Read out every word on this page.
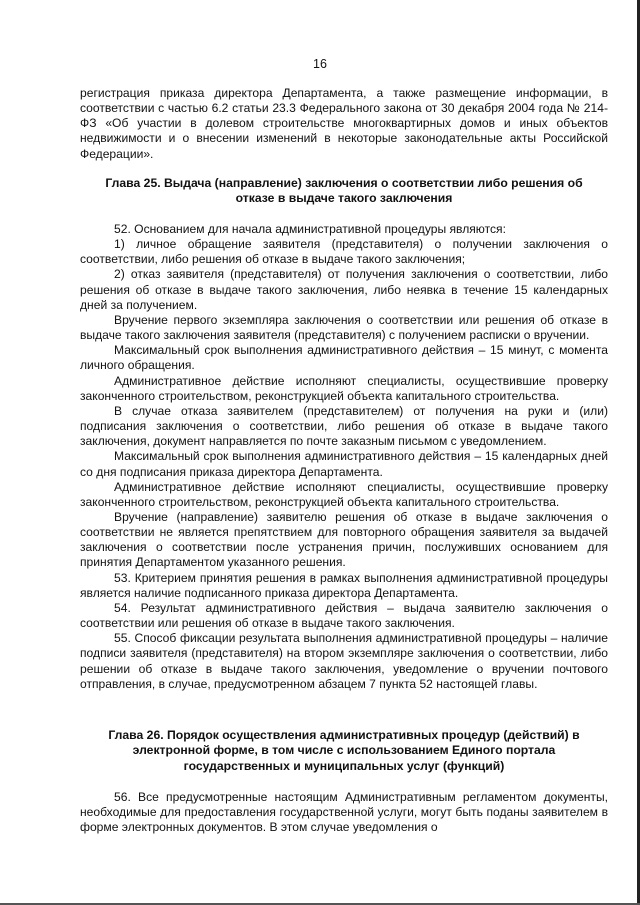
16

регистрация приказа директора Департамента, а также размещение информации, в соответствии с частью 6.2 статьи 23.3 Федерального закона от 30 декабря 2004 года № 214-ФЗ «Об участии в долевом строительстве многоквартирных домов и иных объектов недвижимости и о внесении изменений в некоторые законодательные акты Российской Федерации».

Глава 25. Выдача (направление) заключения о соответствии либо решения об отказе в выдаче такого заключения

52. Основанием для начала административной процедуры являются:

1) личное обращение заявителя (представителя) о получении заключения о соответствии, либо решения об отказе в выдаче такого заключения;

2) отказ заявителя (представителя) от получения заключения о соответствии, либо решения об отказе в выдаче такого заключения, либо неявка в течение 15 календарных дней за получением.

Вручение первого экземпляра заключения о соответствии или решения об отказе в выдаче такого заключения заявителя (представителя) с получением расписки о вручении.

Максимальный срок выполнения административного действия – 15 минут, с момента личного обращения.

Административное действие исполняют специалисты, осуществившие проверку законченного строительством, реконструкцией объекта капитального строительства.

В случае отказа заявителем (представителем) от получения на руки и (или) подписания заключения о соответствии, либо решения об отказе в выдаче такого заключения, документ направляется по почте заказным письмом с уведомлением.

Максимальный срок выполнения административного действия – 15 календарных дней со дня подписания приказа директора Департамента.

Административное действие исполняют специалисты, осуществившие проверку законченного строительством, реконструкцией объекта капитального строительства.

Вручение (направление) заявителю решения об отказе в выдаче заключения о соответствии не является препятствием для повторного обращения заявителя за выдачей заключения о соответствии после устранения причин, послуживших основанием для принятия Департаментом указанного решения.

53. Критерием принятия решения в рамках выполнения административной процедуры является наличие подписанного приказа директора Департамента.

54. Результат административного действия – выдача заявителю заключения о соответствии или решения об отказе в выдаче такого заключения.

55. Способ фиксации результата выполнения административной процедуры – наличие подписи заявителя (представителя) на втором экземпляре заключения о соответствии, либо решении об отказе в выдаче такого заключения, уведомление о вручении почтового отправления, в случае, предусмотренном абзацем 7 пункта 52 настоящей главы.

Глава 26. Порядок осуществления административных процедур (действий) в электронной форме, в том числе с использованием Единого портала государственных и муниципальных услуг (функций)

56. Все предусмотренные настоящим Административным регламентом документы, необходимые для предоставления государственной услуги, могут быть поданы заявителем в форме электронных документов. В этом случае уведомления о
